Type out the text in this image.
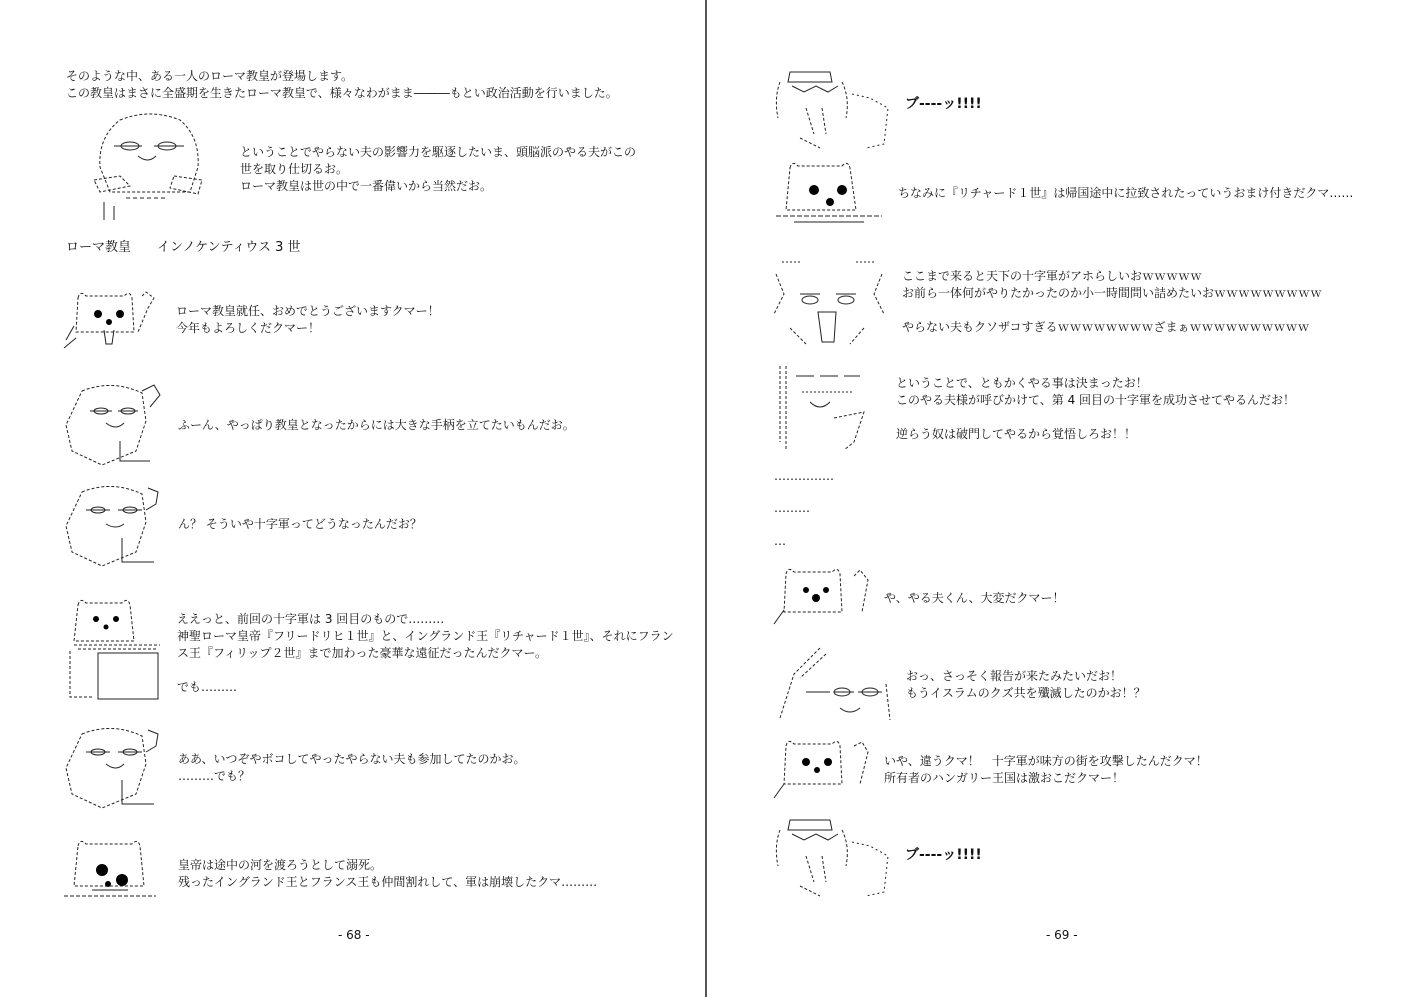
そのような中、ある一人のローマ教皇が登場します。
この教皇はまさに全盛期を生きたローマ教皇で、様々なわがまま―――もとい政治活動を行いました。
ということでやらない夫の影響力を駆逐したいま、頭脳派のやる夫がこの
世を取り仕切るお。
ローマ教皇は世の中で一番偉いから当然だお。
ローマ教皇　　インノケンティウス 3 世
ローマ教皇就任、おめでとうございますクマー！
今年もよろしくだクマー！
ふーん、やっぱり教皇となったからには大きな手柄を立てたいもんだお。
ん？ そういや十字軍ってどうなったんだお？
ええっと、前回の十字軍は 3 回目のもので………
神聖ローマ皇帝『フリードリヒ１世』と、イングランド王『リチャード１世』、それにフラン
ス王『フィリップ２世』まで加わった豪華な遠征だったんだクマー。
でも………
ああ、いつぞやボコしてやったやらない夫も参加してたのかお。
………でも？
皇帝は途中の河を渡ろうとして溺死。
残ったイングランド王とフランス王も仲間割れして、軍は崩壊したクマ………
- 68 -
ブ‐‐‐‐ッ!!!!
ちなみに『リチャード１世』は帰国途中に拉致されたっていうおまけ付きだクマ……
ここまで来ると天下の十字軍がアホらしいおｗｗｗｗｗ
お前ら一体何がやりたかったのか小一時間問い詰めたいおｗｗｗｗｗｗｗｗｗ
やらない夫もクソザコすぎるｗｗｗｗｗｗｗｗざまぁｗｗｗｗｗｗｗｗｗｗ
ということで、ともかくやる事は決まったお！
このやる夫様が呼びかけて、第 4 回目の十字軍を成功させてやるんだお！
逆らう奴は破門してやるから覚悟しろお！！
……………
………
…
や、やる夫くん、大変だクマー！
おっ、さっそく報告が来たみたいだお！
もうイスラムのクズ共を殲滅したのかお！？
いや、違うクマ！　十字軍が味方の街を攻撃したんだクマ！
所有者のハンガリー王国は激おこだクマー！
ブ‐‐‐‐ッ!!!!
- 69 -
